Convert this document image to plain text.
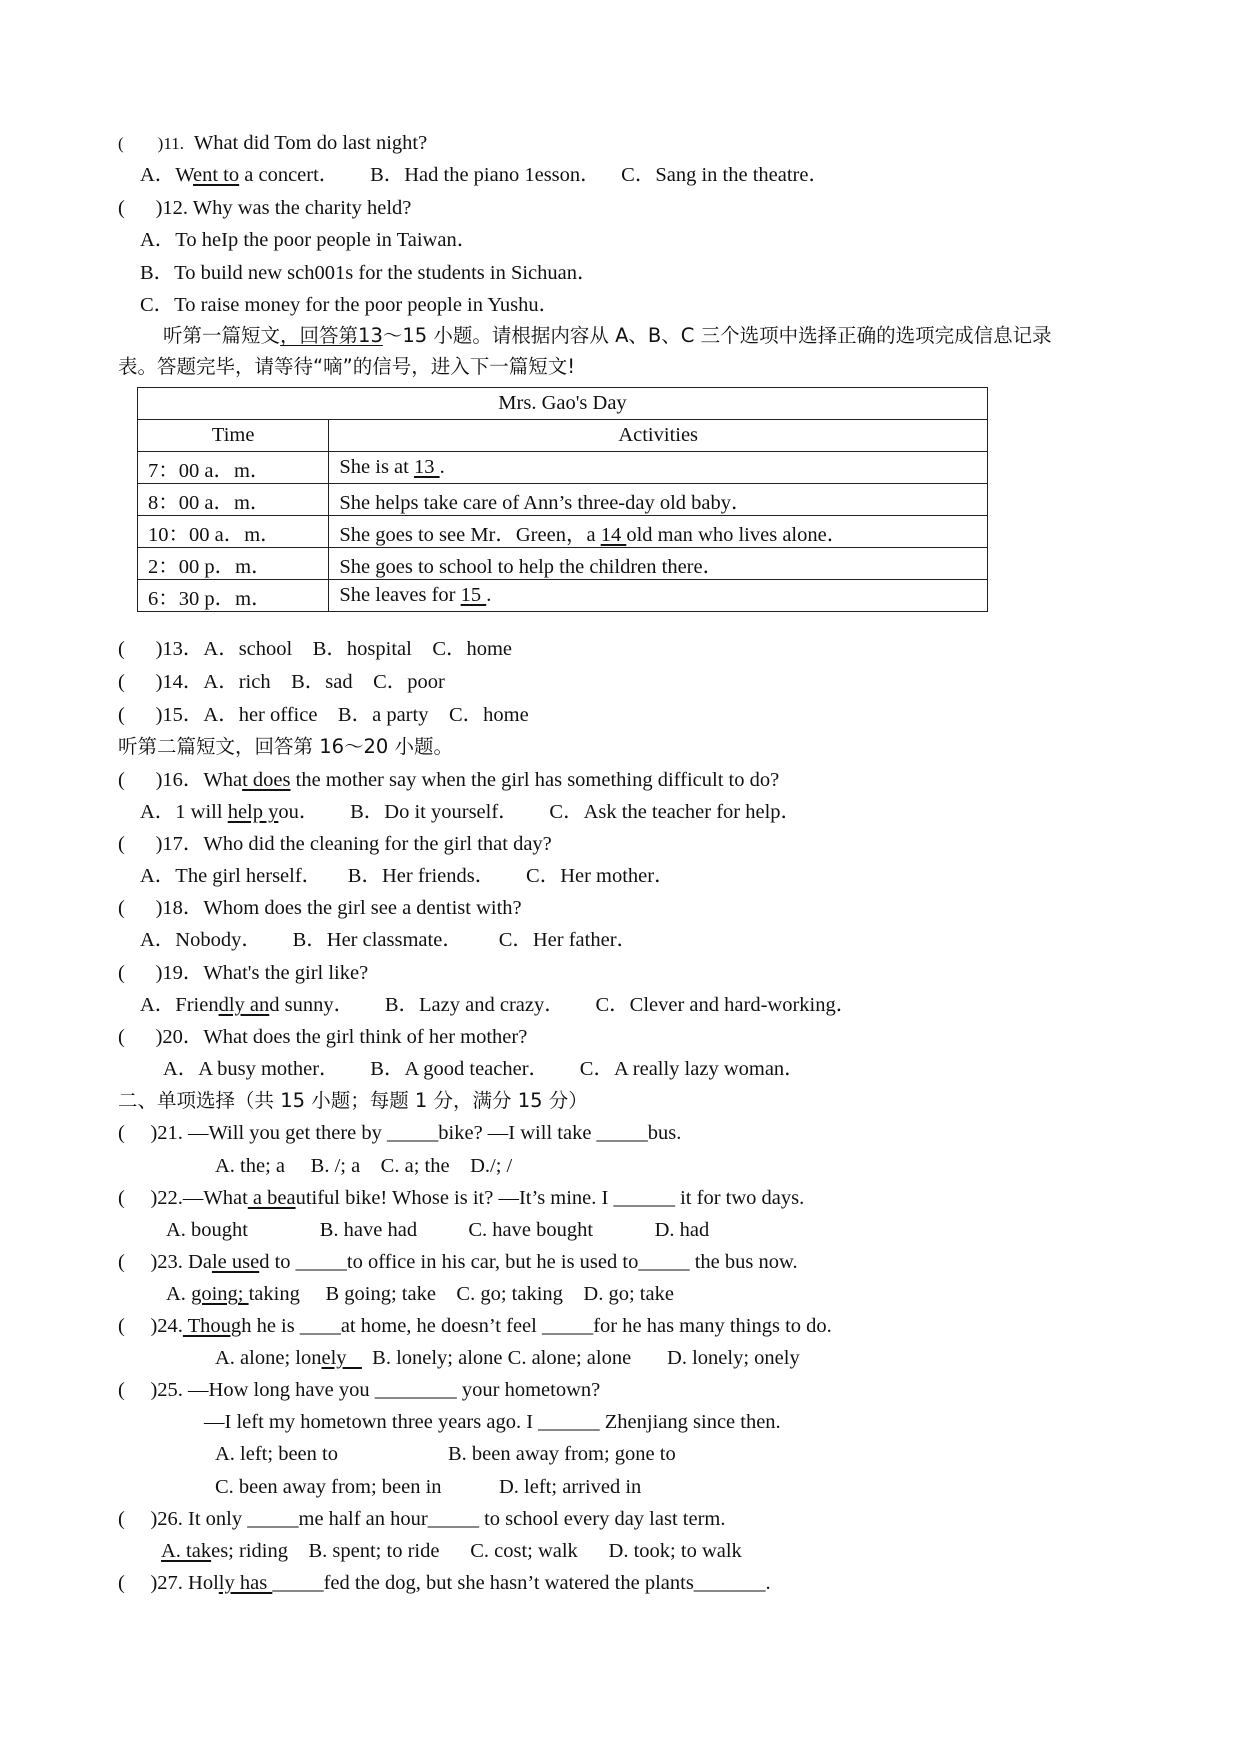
(        )11. What did Tom do last night?
A．Went to a concert． B．Had the piano 1esson． C．Sang in the theatre．
(      )12. Why was the charity held?
A．To heIp the poor people in Taiwan．
B．To build new sch001s for the students in Sichuan．
C．To raise money for the poor people in Yushu．
听第一篇短文，回答第13～15 小题。请根据内容从 A、B、C 三个选项中选择正确的选项完成信息记录
表。答题完毕，请等待“嘀”的信号，进入下一篇短文!
Mrs. Gao's Day	
Time	Activities
7：00 a．m．	She is at 13 .
8：00 a．m．	She helps take care of Ann’s three-day old baby．
10：00 a．m．	She goes to see Mr．Green，a 14 old man who lives alone．
2：00 p．m．	She goes to school to help the children there．
6：30 p．m．	She leaves for 15 .
(      )13．A．school    B．hospital    C．home
(      )14．A．rich    B．sad    C．poor
(      )15．A．her office    B．a party    C．home
听第二篇短文，回答第 16～20 小题。
(      )16．What does the mother say when the girl has something difficult to do?
A．1 will help you． B．Do it yourself． C．Ask the teacher for help．
(      )17．Who did the cleaning for the girl that day?
A．The girl herself． B．Her friends． C．Her mother．
(      )18．Whom does the girl see a dentist with?
A．Nobody． B．Her classmate． C．Her father．
(      )19．What's the girl like?
A．Friendly and sunny． B．Lazy and crazy． C．Clever and hard-working．
(      )20．What does the girl think of her mother?
A．A busy mother． B．A good teacher． C．A really lazy woman．
二、单项选择（共 15 小题；每题 1 分，满分 15 分）
(     )21. —Will you get there by _____bike? —I will take _____bus.
A. the; a     B. /; a    C. a; the    D./; /
(     )22.—What a beautiful bike! Whose is it? —It’s mine. I ______ it for two days.
A. bought	B. have had	C. have bought	D. had
(     )23. Dale used to _____to office in his car, but he is used to_____ the bus now.
A. going; taking B going; take    C. go; taking    D. go; take
(     )24. Though he is ____at home, he doesn’t feel _____for he has many things to do.
A. alone; lonely     B. lonely; alone C. alone; alone       D. lonely; onely
(     )25. —How long have you ________ your hometown?
—I left my hometown three years ago. I ______ Zhenjiang since then.
A. left; been to	B. been away from; gone to
C. been away from; been in	D. left; arrived in
(     )26. It only _____me half an hour_____ to school every day last term.
A. takes; riding B. spent; to ride      C. cost; walk      D. took; to walk
(     )27. Holly has _____fed the dog, but she hasn’t watered the plants_______.
